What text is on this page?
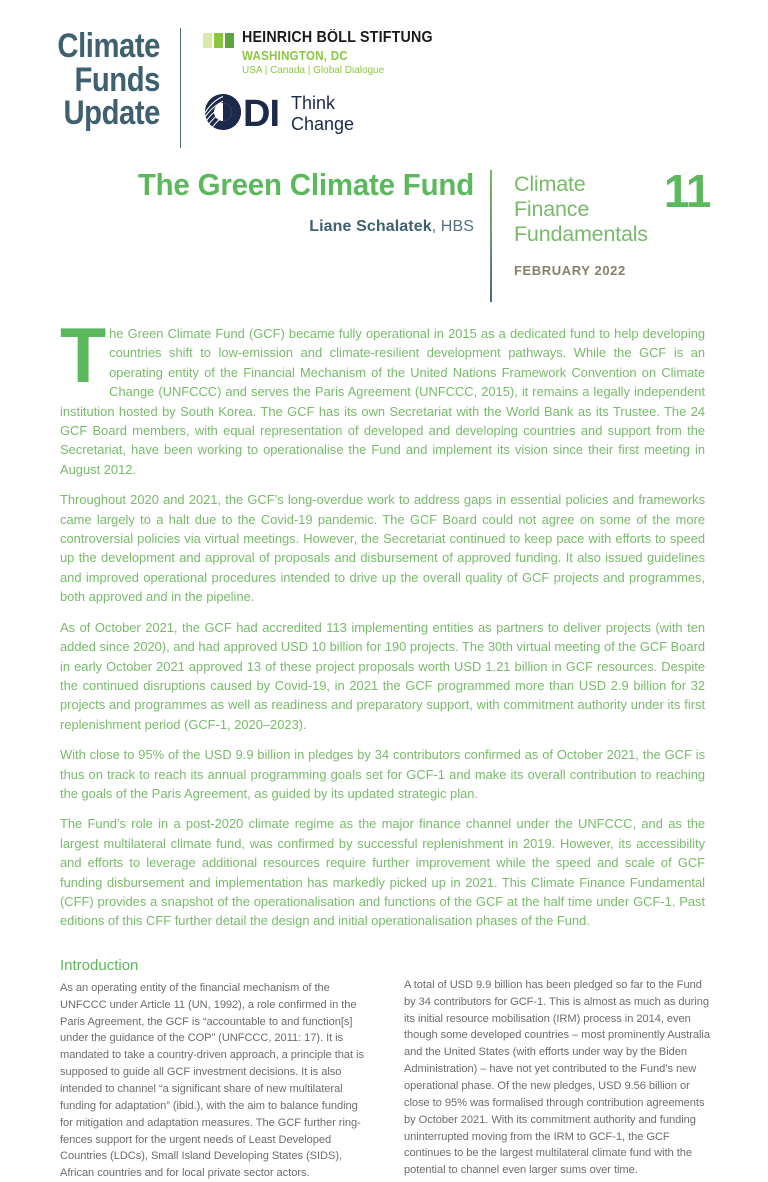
Climate
Funds
Update
HEINRICH BÖLL STIFTUNG
WASHINGTON, DC
USA | Canada | Global Dialogue
DI Think
Change
The Green Climate Fund
Liane Schalatek, HBS
Climate
Finance
Fundamentals
11
FEBRUARY 2022

The Green Climate Fund (GCF) became fully operational in 2015 as a dedicated fund to help developing countries shift to low-emission and climate-resilient development pathways. While the GCF is an operating entity of the Financial Mechanism of the United Nations Framework Convention on Climate Change (UNFCCC) and serves the Paris Agreement (UNFCCC, 2015), it remains a legally independent institution hosted by South Korea. The GCF has its own Secretariat with the World Bank as its Trustee. The 24 GCF Board members, with equal representation of developed and developing countries and support from the Secretariat, have been working to operationalise the Fund and implement its vision since their first meeting in August 2012.

Throughout 2020 and 2021, the GCF’s long-overdue work to address gaps in essential policies and frameworks came largely to a halt due to the Covid-19 pandemic. The GCF Board could not agree on some of the more controversial policies via virtual meetings. However, the Secretariat continued to keep pace with efforts to speed up the development and approval of proposals and disbursement of approved funding. It also issued guidelines and improved operational procedures intended to drive up the overall quality of GCF projects and programmes, both approved and in the pipeline.

As of October 2021, the GCF had accredited 113 implementing entities as partners to deliver projects (with ten added since 2020), and had approved USD 10 billion for 190 projects. The 30th virtual meeting of the GCF Board in early October 2021 approved 13 of these project proposals worth USD 1.21 billion in GCF resources. Despite the continued disruptions caused by Covid-19, in 2021 the GCF programmed more than USD 2.9 billion for 32 projects and programmes as well as readiness and preparatory support, with commitment authority under its first replenishment period (GCF-1, 2020–2023).

With close to 95% of the USD 9.9 billion in pledges by 34 contributors confirmed as of October 2021, the GCF is thus on track to reach its annual programming goals set for GCF-1 and make its overall contribution to reaching the goals of the Paris Agreement, as guided by its updated strategic plan.

The Fund’s role in a post-2020 climate regime as the major finance channel under the UNFCCC, and as the largest multilateral climate fund, was confirmed by successful replenishment in 2019. However, its accessibility and efforts to leverage additional resources require further improvement while the speed and scale of GCF funding disbursement and implementation has markedly picked up in 2021. This Climate Finance Fundamental (CFF) provides a snapshot of the operationalisation and functions of the GCF at the half time under GCF-1. Past editions of this CFF further detail the design and initial operationalisation phases of the Fund.

Introduction

As an operating entity of the financial mechanism of the UNFCCC under Article 11 (UN, 1992), a role confirmed in the Paris Agreement, the GCF is “accountable to and function[s] under the guidance of the COP” (UNFCCC, 2011: 17). It is mandated to take a country-driven approach, a principle that is supposed to guide all GCF investment decisions. It is also intended to channel “a significant share of new multilateral funding for adaptation” (ibid.), with the aim to balance funding for mitigation and adaptation measures. The GCF further ring-fences support for the urgent needs of Least Developed Countries (LDCs), Small Island Developing States (SIDS), African countries and for local private sector actors.

A total of USD 9.9 billion has been pledged so far to the Fund by 34 contributors for GCF-1. This is almost as much as during its initial resource mobilisation (IRM) process in 2014, even though some developed countries – most prominently Australia and the United States (with efforts under way by the Biden Administration) – have not yet contributed to the Fund’s new operational phase. Of the new pledges, USD 9.56 billion or close to 95% was formalised through contribution agreements by October 2021. With its commitment authority and funding uninterrupted moving from the IRM to GCF-1, the GCF continues to be the largest multilateral climate fund with the potential to channel even larger sums over time.
